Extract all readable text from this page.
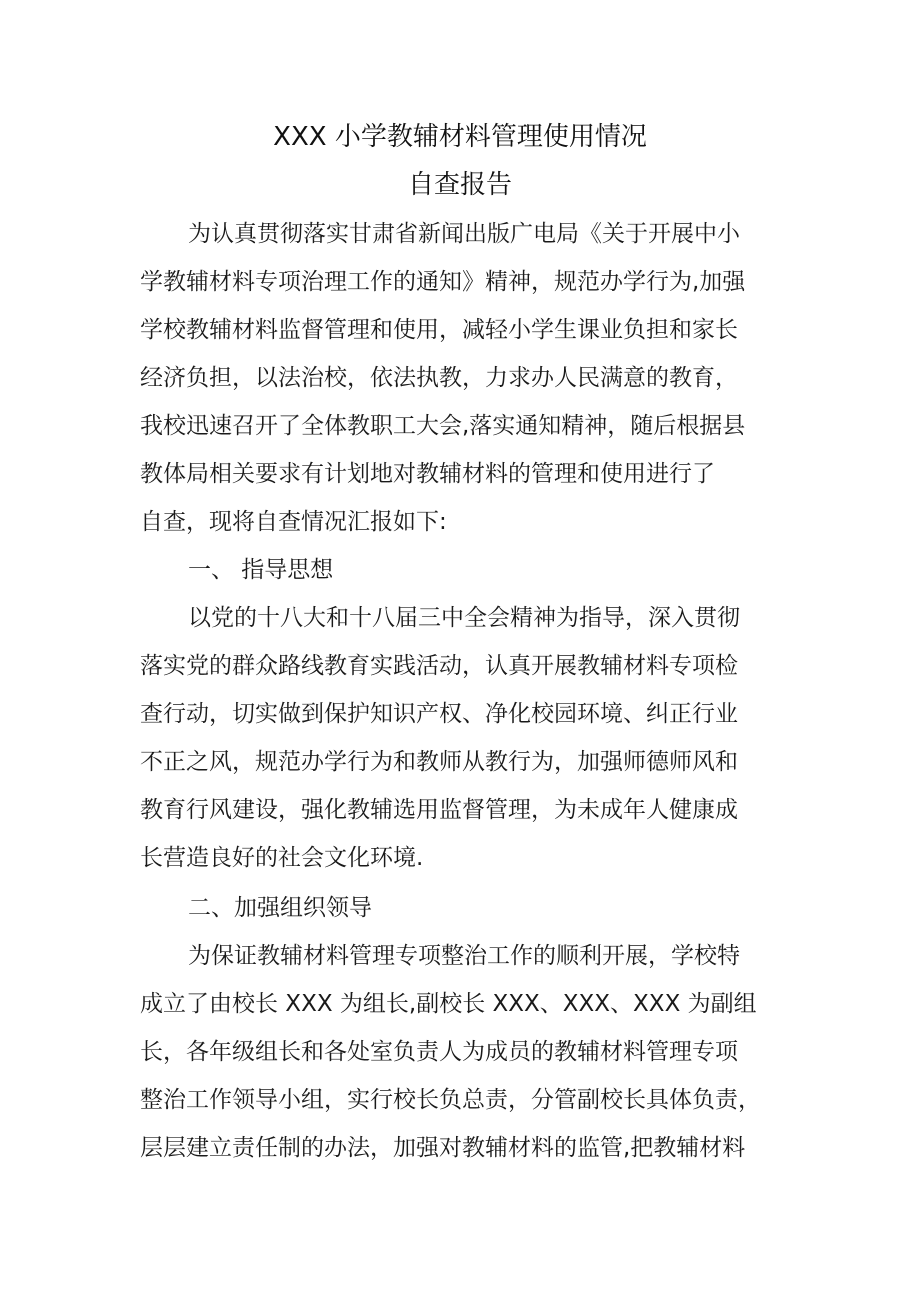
XXX 小学教辅材料管理使用情况
自查报告
为认真贯彻落实甘肃省新闻出版广电局《关于开展中小
学教辅材料专项治理工作的通知》精神，规范办学行为,加强
学校教辅材料监督管理和使用，减轻小学生课业负担和家长
经济负担，以法治校，依法执教，力求办人民满意的教育，
我校迅速召开了全体教职工大会,落实通知精神，随后根据县
教体局相关要求有计划地对教辅材料的管理和使用进行了
自查，现将自查情况汇报如下:
一、 指导思想
以党的十八大和十八届三中全会精神为指导，深入贯彻
落实党的群众路线教育实践活动，认真开展教辅材料专项检
查行动，切实做到保护知识产权、净化校园环境、纠正行业
不正之风，规范办学行为和教师从教行为，加强师德师风和
教育行风建设，强化教辅选用监督管理，为未成年人健康成
长营造良好的社会文化环境.
二、加强组织领导
为保证教辅材料管理专项整治工作的顺利开展，学校特
成立了由校长 XXX 为组长,副校长 XXX、XXX、XXX 为副组
长，各年级组长和各处室负责人为成员的教辅材料管理专项
整治工作领导小组，实行校长负总责，分管副校长具体负责，
层层建立责任制的办法，加强对教辅材料的监管,把教辅材料
